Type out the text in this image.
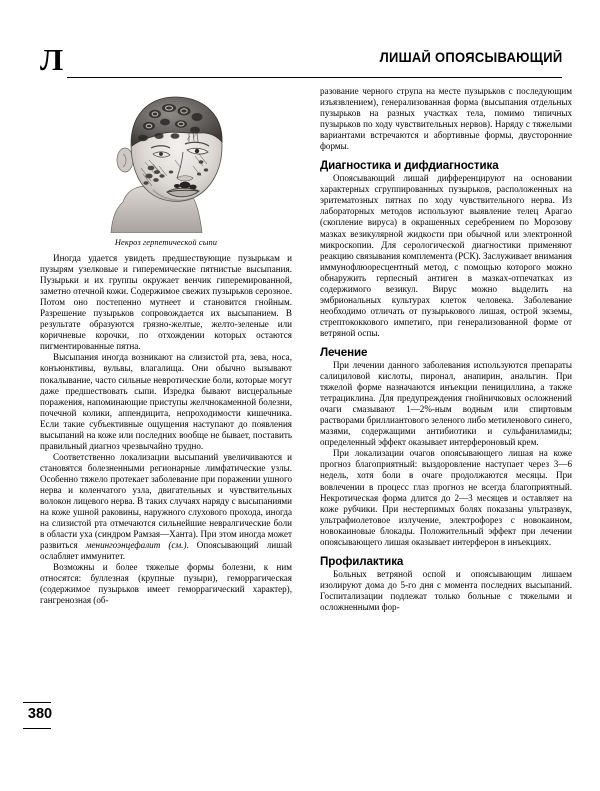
Л	ЛИШАЙ ОПОЯСЫВАЮЩИЙ
Некроз герпетической сыпи

Иногда удается увидеть предшествующие пузырькам и пузырям узелковые и гиперемические пятнистые высыпания. Пузырьки и их группы окружает венчик гиперемированной, заметно отечной кожи. Содержимое свежих пузырьков серозное. Потом оно постепенно мутнеет и становится гнойным. Разрешение пузырьков сопровождается их высыпанием. В результате образуются грязно-желтые, желто-зеленые или коричневые корочки, по отхождении которых остаются пигментированные пятна.

Высыпания иногда возникают на слизистой рта, зева, носа, конъюнктивы, вульвы, влагалища. Они обычно вызывают покалывание, часто сильные невротические боли, которые могут даже предшествовать сыпи. Изредка бывают висцеральные поражения, напоминающие приступы желчнокаменной болезни, почечной колики, аппендицита, непроходимости кишечника. Если такие субъективные ощущения наступают до появления высыпаний на коже или последних вообще не бывает, поставить правильный диагноз чрезвычайно трудно.

Соответственно локализации высыпаний увеличиваются и становятся болезненными регионарные лимфатические узлы. Особенно тяжело протекает заболевание при поражении ушного нерва и коленчатого узла, двигательных и чувствительных волокон лицевого нерва. В таких случаях наряду с высыпаниями на коже ушной раковины, наружного слухового прохода, иногда на слизистой рта отмечаются сильнейшие невралгические боли в области уха (синдром Рамзая—Ханта). При этом иногда может развиться менингоэнцефалит (см.). Опоясывающий лишай ослабляет иммунитет.

Возможны и более тяжелые формы болезни, к ним относятся: буллезная (крупные пузыри), геморрагическая (содержимое пузырьков имеет геморрагический характер), гангренозная (об-

разование черного струпа на месте пузырьков с последующим изъязвлением), генерализованная форма (высыпания отдельных пузырьков на разных участках тела, помимо типичных пузырьков по ходу чувствительных нервов). Наряду с тяжелыми вариантами встречаются и абортивные формы, двусторонние формы.

Диагностика и дифдиагностика

Опоясывающий лишай дифференцируют на основании характерных сгруппированных пузырьков, расположенных на эритематозных пятнах по ходу чувствительного нерва. Из лабораторных методов используют выявление телец Арагао (скопление вируса) в окрашенных серебрением по Морозову мазках везикулярной жидкости при обычной или электронной микроскопии. Для серологической диагностики применяют реакцию связывания комплемента (РСК). Заслуживает внимания иммунофлюоресцентный метод, с помощью которого можно обнаружить герпесный антиген в мазках-отпечатках из содержимого везикул. Вирус можно выделить на эмбриональных культурах клеток человека. Заболевание необходимо отличать от пузырькового лишая, острой экземы, стрептококкового импетиго, при генерализованной форме от ветряной оспы.

Лечение

При лечении данного заболевания используются препараты салициловой кислоты, пиронал, анапирин, анальгин. При тяжелой форме назначаются инъекции пенициллина, а также тетрациклина. Для предупреждения гнойничковых осложнений очаги смазывают 1—2%-ным водным или спиртовым растворами бриллиантового зеленого либо метиленового синего, мазями, содержащими антибиотики и сульфаниламиды; определенный эффект оказывает интерфероновый крем.

При локализации очагов опоясывающего лишая на коже прогноз благоприятный: выздоровление наступает через 3—6 недель, хотя боли в очаге продолжаются месяцы. При вовлечении в процесс глаз прогноз не всегда благоприятный. Некротическая форма длится до 2—3 месяцев и оставляет на коже рубчики. При нестерпимых болях показаны ультразвук, ультрафиолетовое излучение, электрофорез с новокаином, новокаиновые блокады. Положительный эффект при лечении опоясывающего лишая оказывает интерферон в инъекциях.

Профилактика

Больных ветряной оспой и опоясывающим лишаем изолируют дома до 5-го дня с момента последних высыпаний. Госпитализации подлежат только больные с тяжелыми и осложненными фор-

380
